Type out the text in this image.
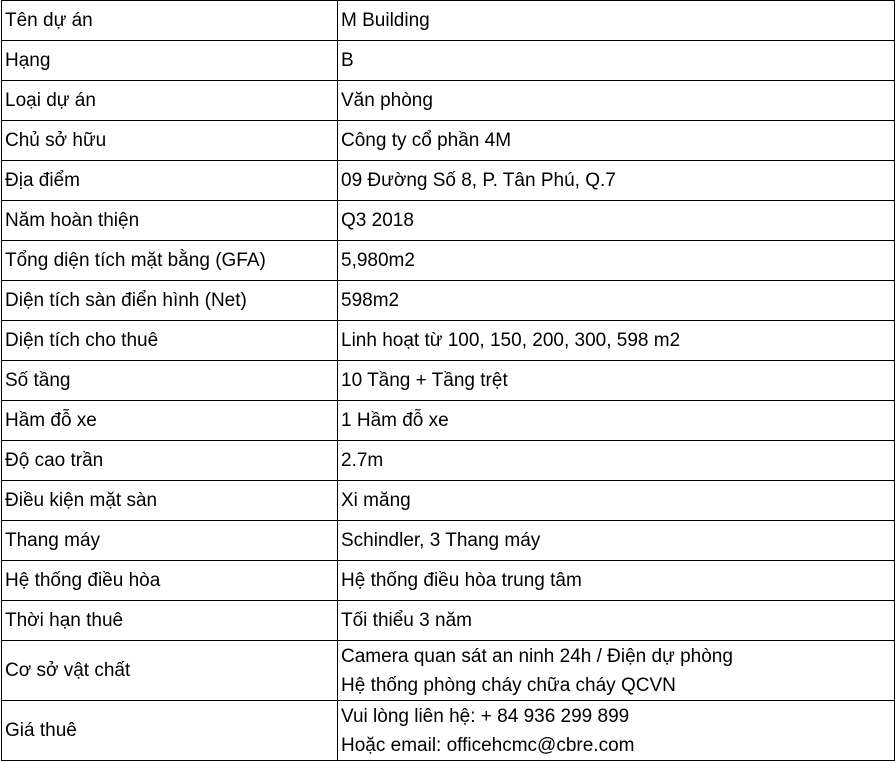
Tên dự án	M Building
Hạng	B
Loại dự án	Văn phòng
Chủ sở hữu	Công ty cổ phần 4M
Địa điểm	09 Đường Số 8, P. Tân Phú, Q.7
Năm hoàn thiện	Q3 2018
Tổng diện tích mặt bằng (GFA)	5,980m2
Diện tích sàn điển hình (Net)	598m2
Diện tích cho thuê	Linh hoạt từ 100, 150, 200, 300, 598 m2
Số tầng	10 Tầng + Tầng trệt
Hầm đỗ xe	1 Hầm đỗ xe
Độ cao trần	2.7m
Điều kiện mặt sàn	Xi măng
Thang máy	Schindler, 3 Thang máy
Hệ thống điều hòa	Hệ thống điều hòa trung tâm
Thời hạn thuê	Tối thiểu 3 năm
Cơ sở vật chất	Camera quan sát an ninh 24h / Điện dự phòng
Hệ thống phòng cháy chữa cháy QCVN

Giá thuê	Vui lòng liên hệ: + 84 936 299 899
Hoặc email: officehcmc@cbre.com
